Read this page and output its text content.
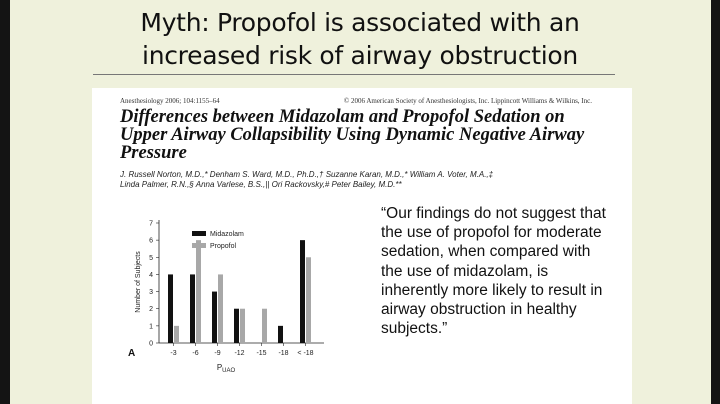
Myth: Propofol is associated with an
increased risk of airway obstruction
Anesthesiology 2006; 104:1155–64	© 2006 American Society of Anesthesiologists, Inc. Lippincott Williams & Wilkins, Inc.
Differences between Midazolam and Propofol Sedation on Upper Airway Collapsibility Using Dynamic Negative Airway Pressure
J. Russell Norton, M.D.,* Denham S. Ward, M.D., Ph.D.,† Suzanne Karan, M.D.,* William A. Voter, M.A.,‡
Linda Palmer, R.N.,§ Anna Varlese, B.S.,|| Ori Rackovsky,# Peter Bailey, M.D.**
0
1
2
3
4
5
6
7
-3 -6 -9 -12 -15 -18 < -18
Midazolam
Propofol
Number of Subjects
$P_{UAO}$
A
“Our findings do not suggest that the use of propofol for moderate sedation, when compared with the use of midazolam, is inherently more likely to result in airway obstruction in healthy subjects.”
